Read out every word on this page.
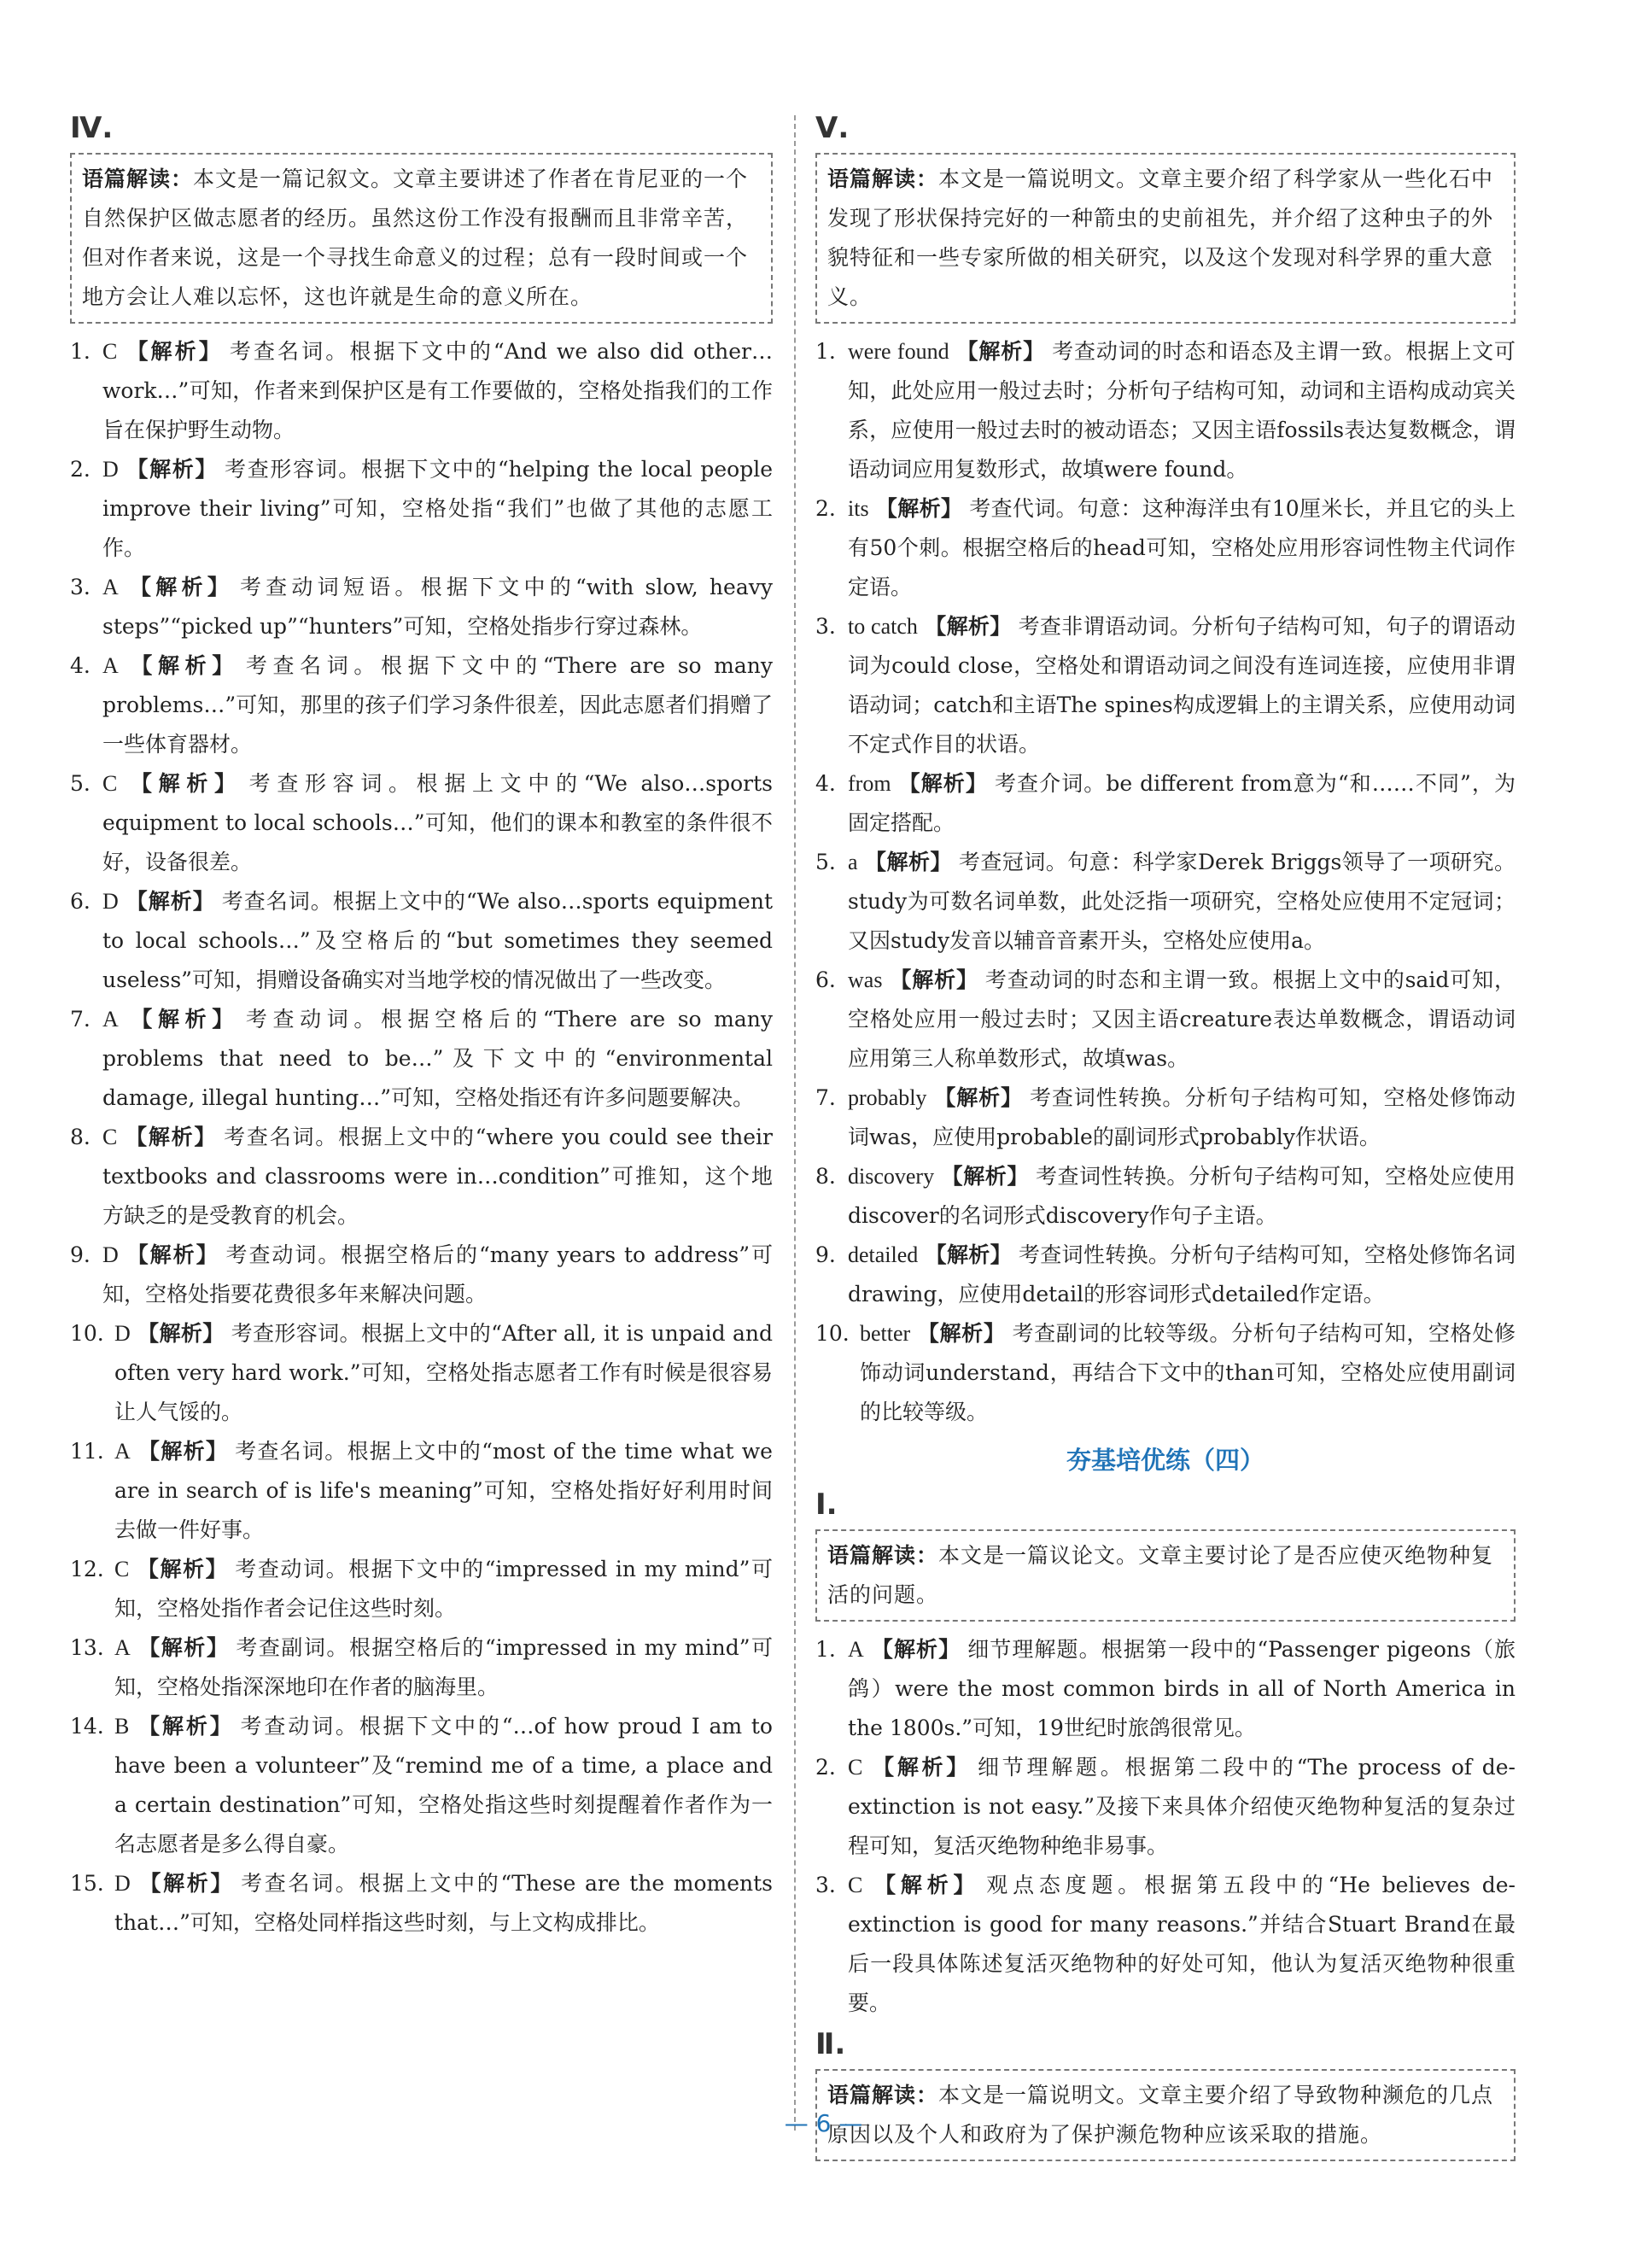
Ⅳ.
语篇解读：本文是一篇记叙文。文章主要讲述了作者在肯尼亚的一个自然保护区做志愿者的经历。虽然这份工作没有报酬而且非常辛苦，但对作者来说，这是一个寻找生命意义的过程；总有一段时间或一个地方会让人难以忘怀，这也许就是生命的意义所在。
1. C 【解析】 考查名词。根据下文中的“And we also did other…work…”可知，作者来到保护区是有工作要做的，空格处指我们的工作旨在保护野生动物。
2. D 【解析】 考查形容词。根据下文中的“helping the local people improve their living”可知，空格处指“我们”也做了其他的志愿工作。
3. A 【解析】 考查动词短语。根据下文中的“with slow, heavy steps”“picked up”“hunters”可知，空格处指步行穿过森林。
4. A 【解析】 考查名词。根据下文中的“There are so many problems…”可知，那里的孩子们学习条件很差，因此志愿者们捐赠了一些体育器材。
5. C 【解析】 考查形容词。根据上文中的“We also…sports equipment to local schools…”可知，他们的课本和教室的条件很不好，设备很差。
6. D 【解析】 考查名词。根据上文中的“We also…sports equipment to local schools…”及空格后的“but sometimes they seemed useless”可知，捐赠设备确实对当地学校的情况做出了一些改变。
7. A 【解析】 考查动词。根据空格后的“There are so many problems that need to be…”及下文中的“environmental damage, illegal hunting…”可知，空格处指还有许多问题要解决。
8. C 【解析】 考查名词。根据上文中的“where you could see their textbooks and classrooms were in…condition”可推知，这个地方缺乏的是受教育的机会。
9. D 【解析】 考查动词。根据空格后的“many years to address”可知，空格处指要花费很多年来解决问题。
10. D 【解析】 考查形容词。根据上文中的“After all, it is unpaid and often very hard work.”可知，空格处指志愿者工作有时候是很容易让人气馁的。
11. A 【解析】 考查名词。根据上文中的“most of the time what we are in search of is life's meaning”可知，空格处指好好利用时间去做一件好事。
12. C 【解析】 考查动词。根据下文中的“impressed in my mind”可知，空格处指作者会记住这些时刻。
13. A 【解析】 考查副词。根据空格后的“impressed in my mind”可知，空格处指深深地印在作者的脑海里。
14. B 【解析】 考查动词。根据下文中的“…of how proud I am to have been a volunteer”及“remind me of a time, a place and a certain destination”可知，空格处指这些时刻提醒着作者作为一名志愿者是多么得自豪。
15. D 【解析】 考查名词。根据上文中的“These are the moments that…”可知，空格处同样指这些时刻，与上文构成排比。
Ⅴ.
语篇解读：本文是一篇说明文。文章主要介绍了科学家从一些化石中发现了形状保持完好的一种箭虫的史前祖先，并介绍了这种虫子的外貌特征和一些专家所做的相关研究，以及这个发现对科学界的重大意义。
1. were found 【解析】 考查动词的时态和语态及主谓一致。根据上文可知，此处应用一般过去时；分析句子结构可知，动词和主语构成动宾关系，应使用一般过去时的被动语态；又因主语fossils表达复数概念，谓语动词应用复数形式，故填were found。
2. its 【解析】 考查代词。句意：这种海洋虫有10厘米长，并且它的头上有50个刺。根据空格后的head可知，空格处应用形容词性物主代词作定语。
3. to catch 【解析】 考查非谓语动词。分析句子结构可知，句子的谓语动词为could close，空格处和谓语动词之间没有连词连接，应使用非谓语动词；catch和主语The spines构成逻辑上的主谓关系，应使用动词不定式作目的状语。
4. from 【解析】 考查介词。be different from意为“和……不同”，为固定搭配。
5. a 【解析】 考查冠词。句意：科学家Derek Briggs领导了一项研究。study为可数名词单数，此处泛指一项研究，空格处应使用不定冠词；又因study发音以辅音音素开头，空格处应使用a。
6. was 【解析】 考查动词的时态和主谓一致。根据上文中的said可知，空格处应用一般过去时；又因主语creature表达单数概念，谓语动词应用第三人称单数形式，故填was。
7. probably 【解析】 考查词性转换。分析句子结构可知，空格处修饰动词was，应使用probable的副词形式probably作状语。
8. discovery 【解析】 考查词性转换。分析句子结构可知，空格处应使用discover的名词形式discovery作句子主语。
9. detailed 【解析】 考查词性转换。分析句子结构可知，空格处修饰名词drawing，应使用detail的形容词形式detailed作定语。
10. better 【解析】 考查副词的比较等级。分析句子结构可知，空格处修饰动词understand，再结合下文中的than可知，空格处应使用副词的比较等级。
夯基培优练（四）
Ⅰ.
语篇解读：本文是一篇议论文。文章主要讨论了是否应使灭绝物种复活的问题。
1. A 【解析】 细节理解题。根据第一段中的“Passenger pigeons（旅鸽）were the most common birds in all of North America in the 1800s.”可知，19世纪时旅鸽很常见。
2. C 【解析】 细节理解题。根据第二段中的“The process of de-extinction is not easy.”及接下来具体介绍使灭绝物种复活的复杂过程可知，复活灭绝物种绝非易事。
3. C 【解析】 观点态度题。根据第五段中的“He believes de-extinction is good for many reasons.”并结合Stuart Brand在最后一段具体陈述复活灭绝物种的好处可知，他认为复活灭绝物种很重要。
Ⅱ.
语篇解读：本文是一篇说明文。文章主要介绍了导致物种濒危的几点原因以及个人和政府为了保护濒危物种应该采取的措施。
— 6 —
